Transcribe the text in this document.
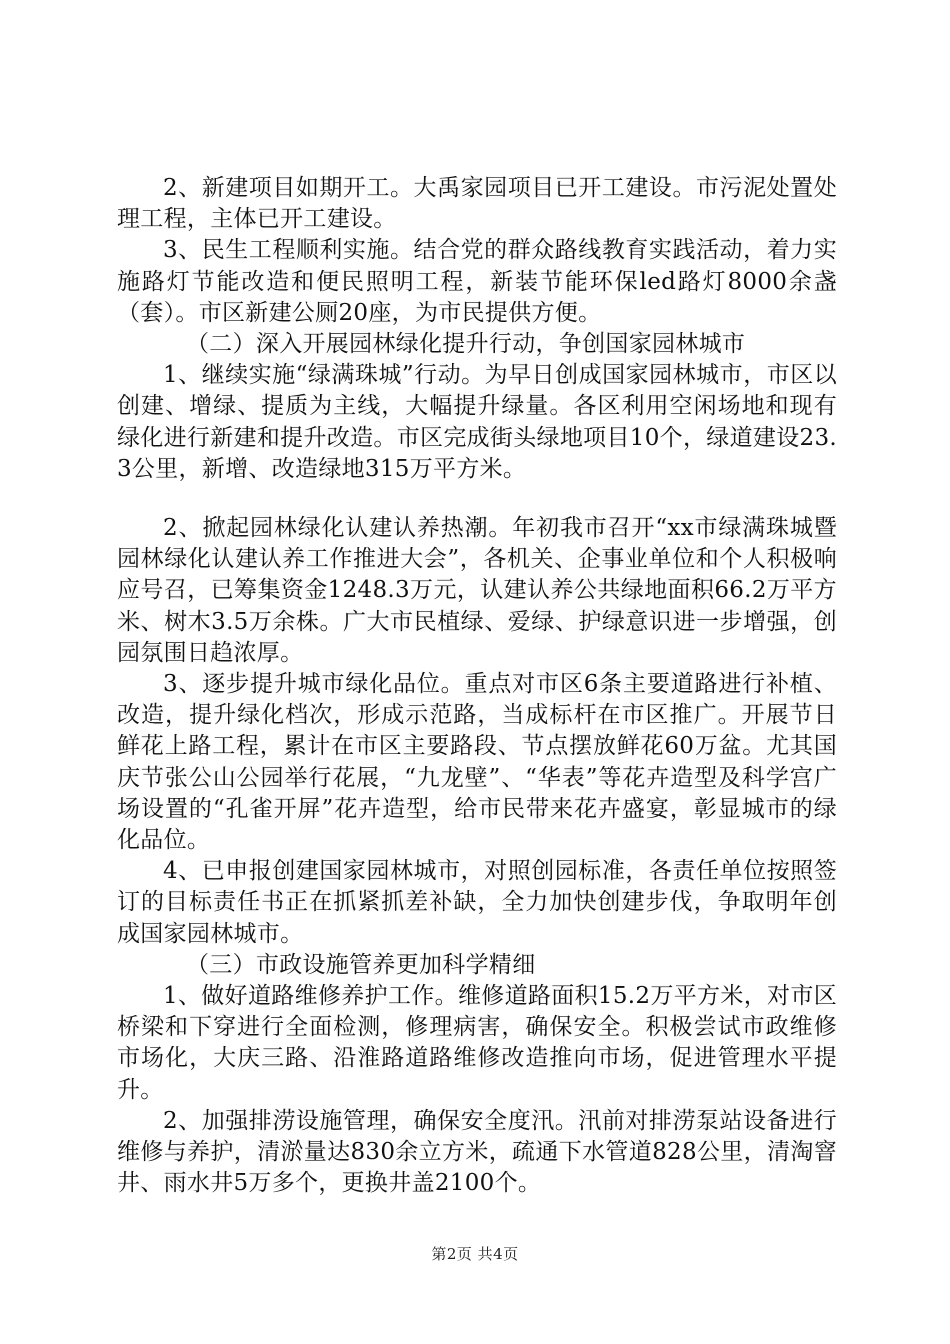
2、新建项目如期开工。大禹家园项目已开工建设。市污泥处置处理工程，主体已开工建设。

3、民生工程顺利实施。结合党的群众路线教育实践活动，着力实施路灯节能改造和便民照明工程，新装节能环保led路灯8000余盏（套）。市区新建公厕20座，为市民提供方便。

（二）深入开展园林绿化提升行动，争创国家园林城市

1、继续实施“绿满珠城”行动。为早日创成国家园林城市，市区以创建、增绿、提质为主线，大幅提升绿量。各区利用空闲场地和现有绿化进行新建和提升改造。市区完成街头绿地项目10个，绿道建设23.3公里，新增、改造绿地315万平方米。

2、掀起园林绿化认建认养热潮。年初我市召开“xx市绿满珠城暨园林绿化认建认养工作推进大会”，各机关、企事业单位和个人积极响应号召，已筹集资金1248.3万元，认建认养公共绿地面积66.2万平方米、树木3.5万余株。广大市民植绿、爱绿、护绿意识进一步增强，创园氛围日趋浓厚。

3、逐步提升城市绿化品位。重点对市区6条主要道路进行补植、改造，提升绿化档次，形成示范路，当成标杆在市区推广。开展节日鲜花上路工程，累计在市区主要路段、节点摆放鲜花60万盆。尤其国庆节张公山公园举行花展，“九龙壁”、“华表”等花卉造型及科学宫广场设置的“孔雀开屏”花卉造型，给市民带来花卉盛宴，彰显城市的绿化品位。

4、已申报创建国家园林城市，对照创园标准，各责任单位按照签订的目标责任书正在抓紧抓差补缺，全力加快创建步伐，争取明年创成国家园林城市。

（三）市政设施管养更加科学精细

1、做好道路维修养护工作。维修道路面积15.2万平方米，对市区桥梁和下穿进行全面检测，修理病害，确保安全。积极尝试市政维修市场化，大庆三路、沿淮路道路维修改造推向市场，促进管理水平提升。

2、加强排涝设施管理，确保安全度汛。汛前对排涝泵站设备进行维修与养护，清淤量达830余立方米，疏通下水管道828公里，清淘窨井、雨水井5万多个，更换井盖2100个。

第2页 共4页
